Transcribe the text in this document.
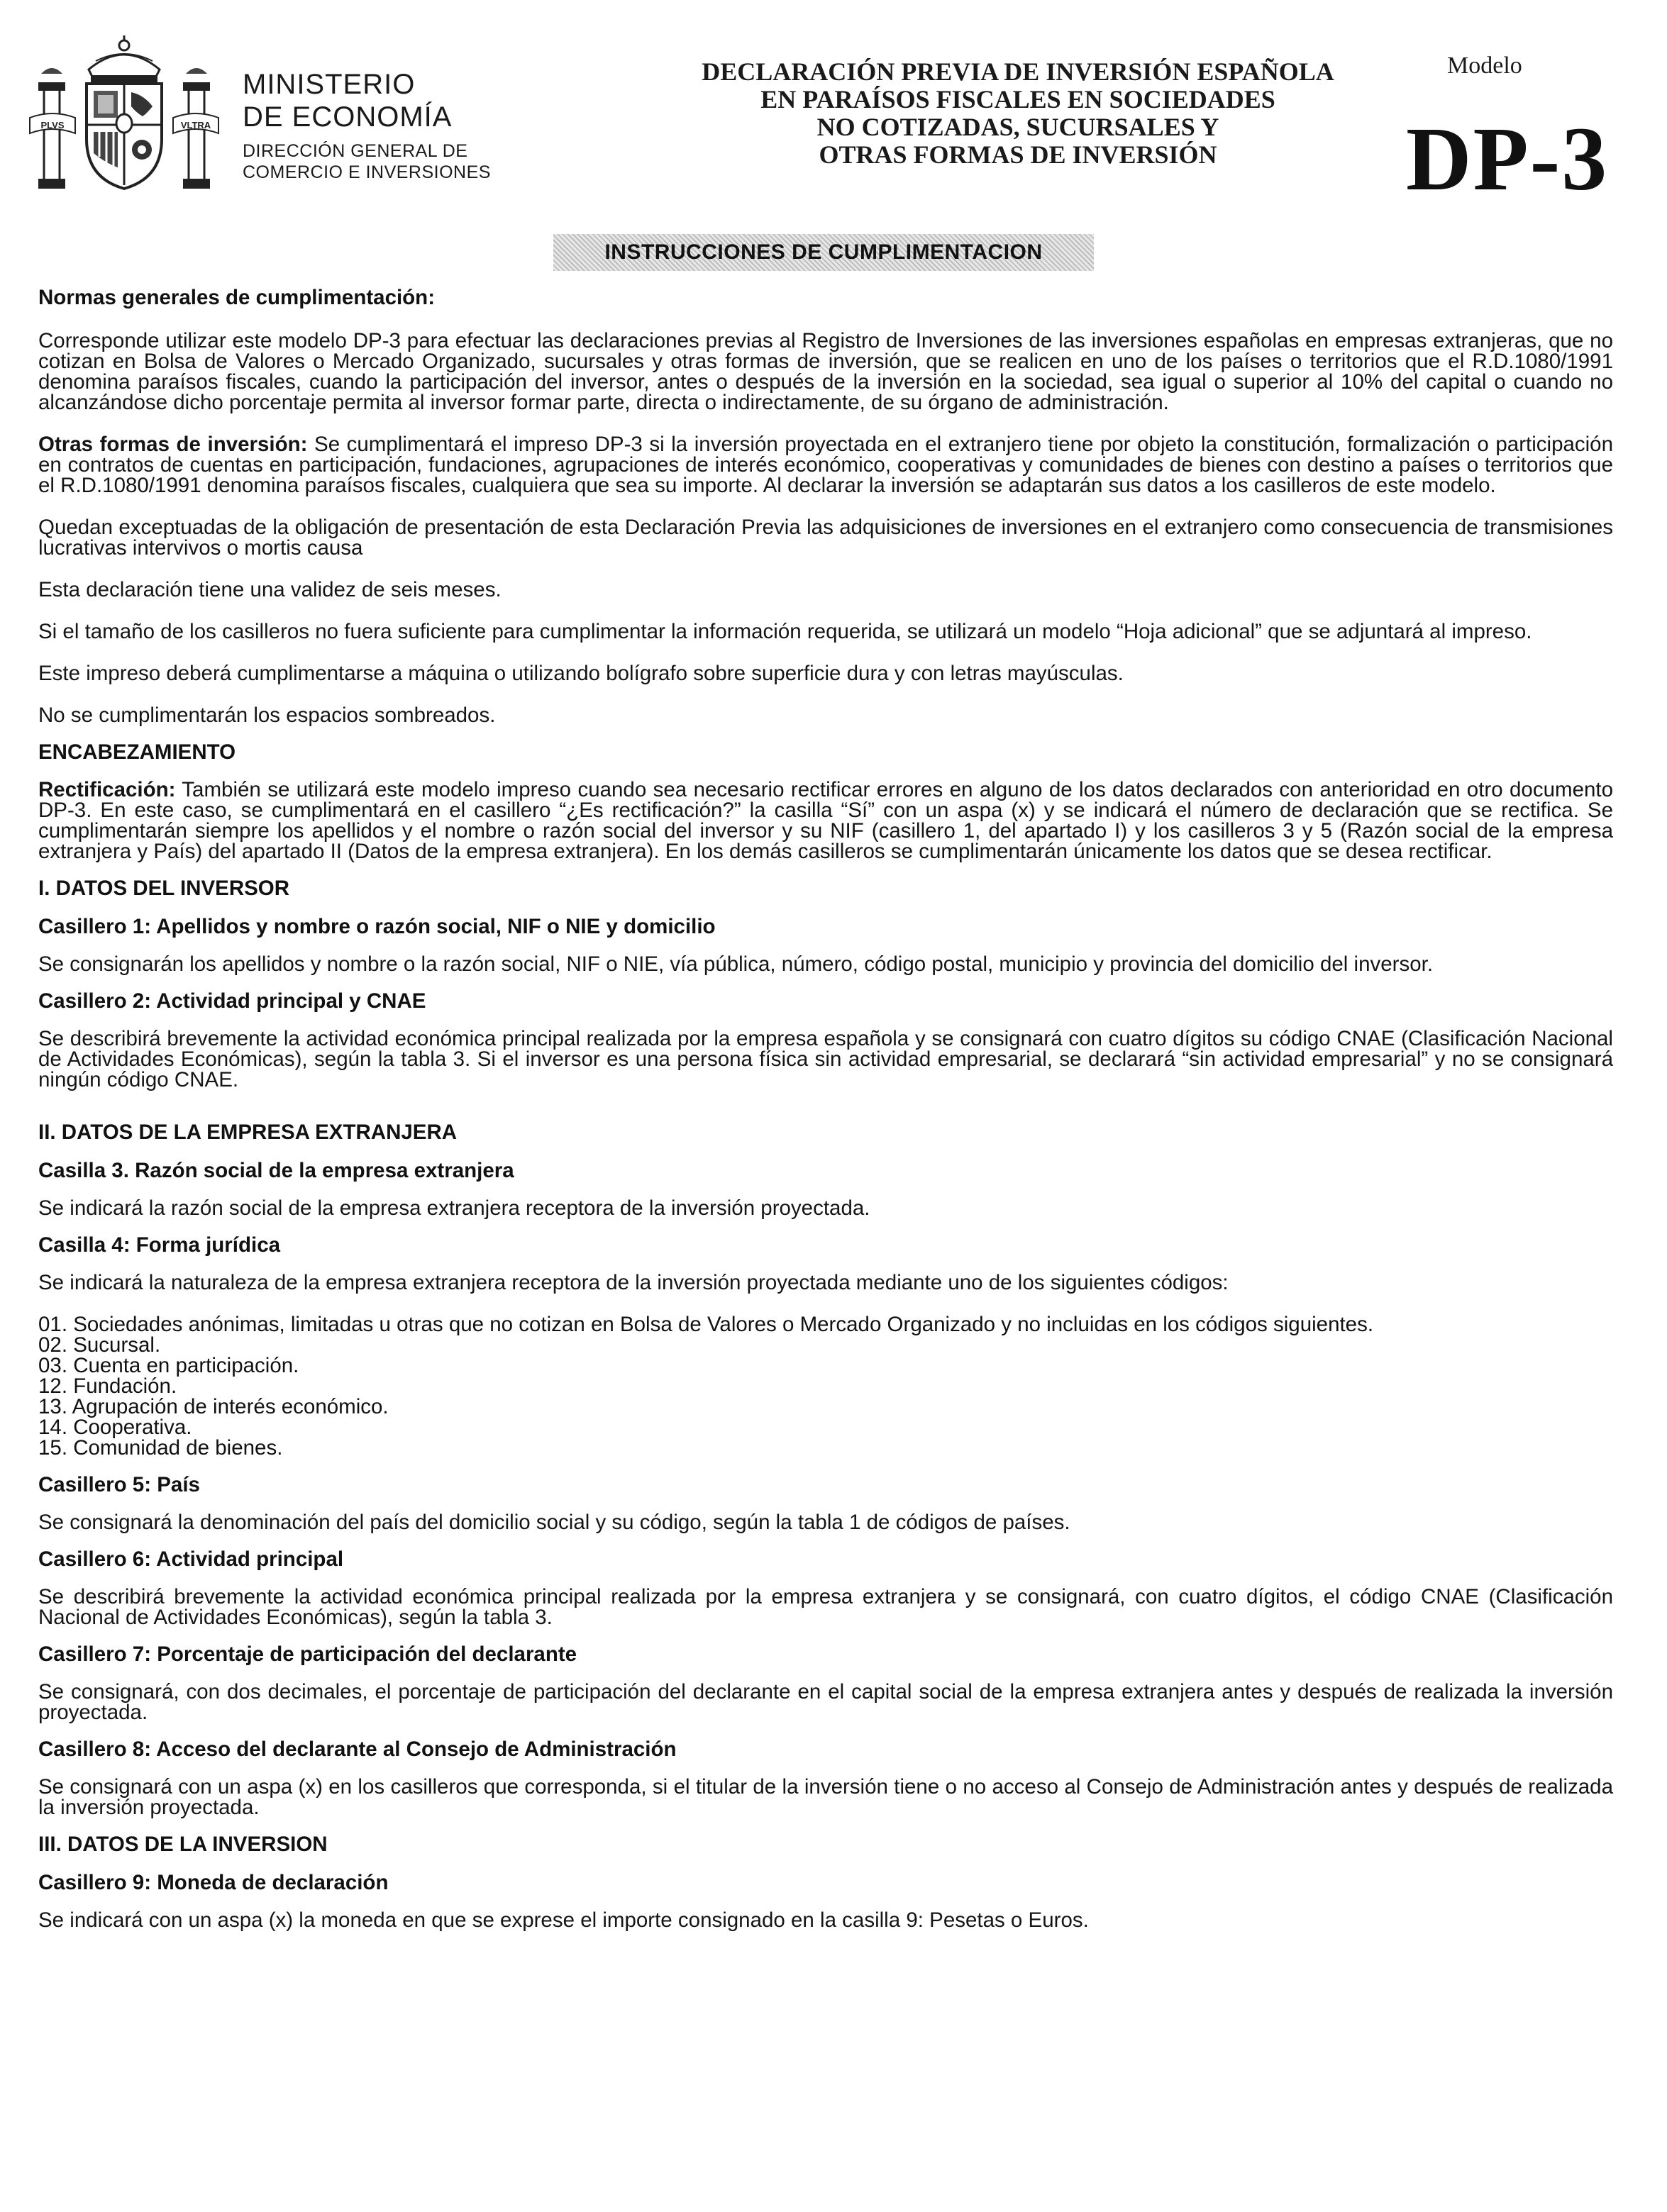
PLVS	VLTRA
MINISTERIO
DE ECONOMÍA
DIRECCIÓN GENERAL DE
COMERCIO E INVERSIONES
DECLARACIÓN PREVIA DE INVERSIÓN ESPAÑOLA
EN PARAÍSOS FISCALES EN SOCIEDADES
NO COTIZADAS, SUCURSALES Y
OTRAS FORMAS DE INVERSIÓN
Modelo
DP-3
INSTRUCCIONES DE CUMPLIMENTACION

Normas generales de cumplimentación:

Corresponde utilizar este modelo DP-3 para efectuar las declaraciones previas al Registro de Inversiones de las inversiones españolas en empresas extranjeras, que no cotizan en Bolsa de Valores o Mercado Organizado, sucursales y otras formas de inversión, que se realicen en uno de los países o territorios que el R.D.1080/1991 denomina paraísos fiscales, cuando la participación del inversor, antes o después de la inversión en la sociedad, sea igual o superior al 10% del capital o cuando no alcanzándose dicho porcentaje permita al inversor formar parte, directa o indirectamente, de su órgano de administración.

Otras formas de inversión: Se cumplimentará el impreso DP-3 si la inversión proyectada en el extranjero tiene por objeto la constitución, formalización o participación en contratos de cuentas en participación, fundaciones, agrupaciones de interés económico, cooperativas y comunidades de bienes con destino a países o territorios que el R.D.1080/1991 denomina paraísos fiscales, cualquiera que sea su importe. Al declarar la inversión se adaptarán sus datos a los casilleros de este modelo.

Quedan exceptuadas de la obligación de presentación de esta Declaración Previa las adquisiciones de inversiones en el extranjero como consecuencia de transmisiones lucrativas intervivos o mortis causa

Esta declaración tiene una validez de seis meses.

Si el tamaño de los casilleros no fuera suficiente para cumplimentar la información requerida, se utilizará un modelo “Hoja adicional” que se adjuntará al impreso.

Este impreso deberá cumplimentarse a máquina o utilizando bolígrafo sobre superficie dura y con letras mayúsculas.

No se cumplimentarán los espacios sombreados.

ENCABEZAMIENTO

Rectificación: También se utilizará este modelo impreso cuando sea necesario rectificar errores en alguno de los datos declarados con anterioridad en otro documento DP-3. En este caso, se cumplimentará en el casillero “¿Es rectificación?” la casilla “Sí” con un aspa (x) y se indicará el número de declaración que se rectifica. Se cumplimentarán siempre los apellidos y el nombre o razón social del inversor y su NIF (casillero 1, del apartado I) y los casilleros 3 y 5 (Razón social de la empresa extranjera y País) del apartado II (Datos de la empresa extranjera). En los demás casilleros se cumplimentarán únicamente los datos que se desea rectificar.

I. DATOS DEL INVERSOR

Casillero 1: Apellidos y nombre o razón social, NIF o NIE y domicilio

Se consignarán los apellidos y nombre o la razón social, NIF o NIE, vía pública, número, código postal, municipio y provincia del domicilio del inversor.

Casillero 2: Actividad principal y CNAE

Se describirá brevemente la actividad económica principal realizada por la empresa española y se consignará con cuatro dígitos su código CNAE (Clasificación Nacional de Actividades Económicas), según la tabla 3. Si el inversor es una persona física sin actividad empresarial, se declarará “sin actividad empresarial” y no se consignará ningún código CNAE.

II. DATOS DE LA EMPRESA EXTRANJERA

Casilla 3. Razón social de la empresa extranjera

Se indicará la razón social de la empresa extranjera receptora de la inversión proyectada.

Casilla 4: Forma jurídica

Se indicará la naturaleza de la empresa extranjera receptora de la inversión proyectada mediante uno de los siguientes códigos:

01. Sociedades anónimas, limitadas u otras que no cotizan en Bolsa de Valores o Mercado Organizado y no incluidas en los códigos siguientes.

02. Sucursal.

03. Cuenta en participación.

12. Fundación.

13. Agrupación de interés económico.

14. Cooperativa.

15. Comunidad de bienes.

Casillero 5: País

Se consignará la denominación del país del domicilio social y su código, según la tabla 1 de códigos de países.

Casillero 6: Actividad principal

Se describirá brevemente la actividad económica principal realizada por la empresa extranjera y se consignará, con cuatro dígitos, el código CNAE (Clasificación Nacional de Actividades Económicas), según la tabla 3.

Casillero 7: Porcentaje de participación del declarante

Se consignará, con dos decimales, el porcentaje de participación del declarante en el capital social de la empresa extranjera antes y después de realizada la inversión proyectada.

Casillero 8: Acceso del declarante al Consejo de Administración

Se consignará con un aspa (x) en los casilleros que corresponda, si el titular de la inversión tiene o no acceso al Consejo de Administración antes y después de realizada la inversión proyectada.

III. DATOS DE LA INVERSION

Casillero 9: Moneda de declaración

Se indicará con un aspa (x) la moneda en que se exprese el importe consignado en la casilla 9: Pesetas o Euros.
